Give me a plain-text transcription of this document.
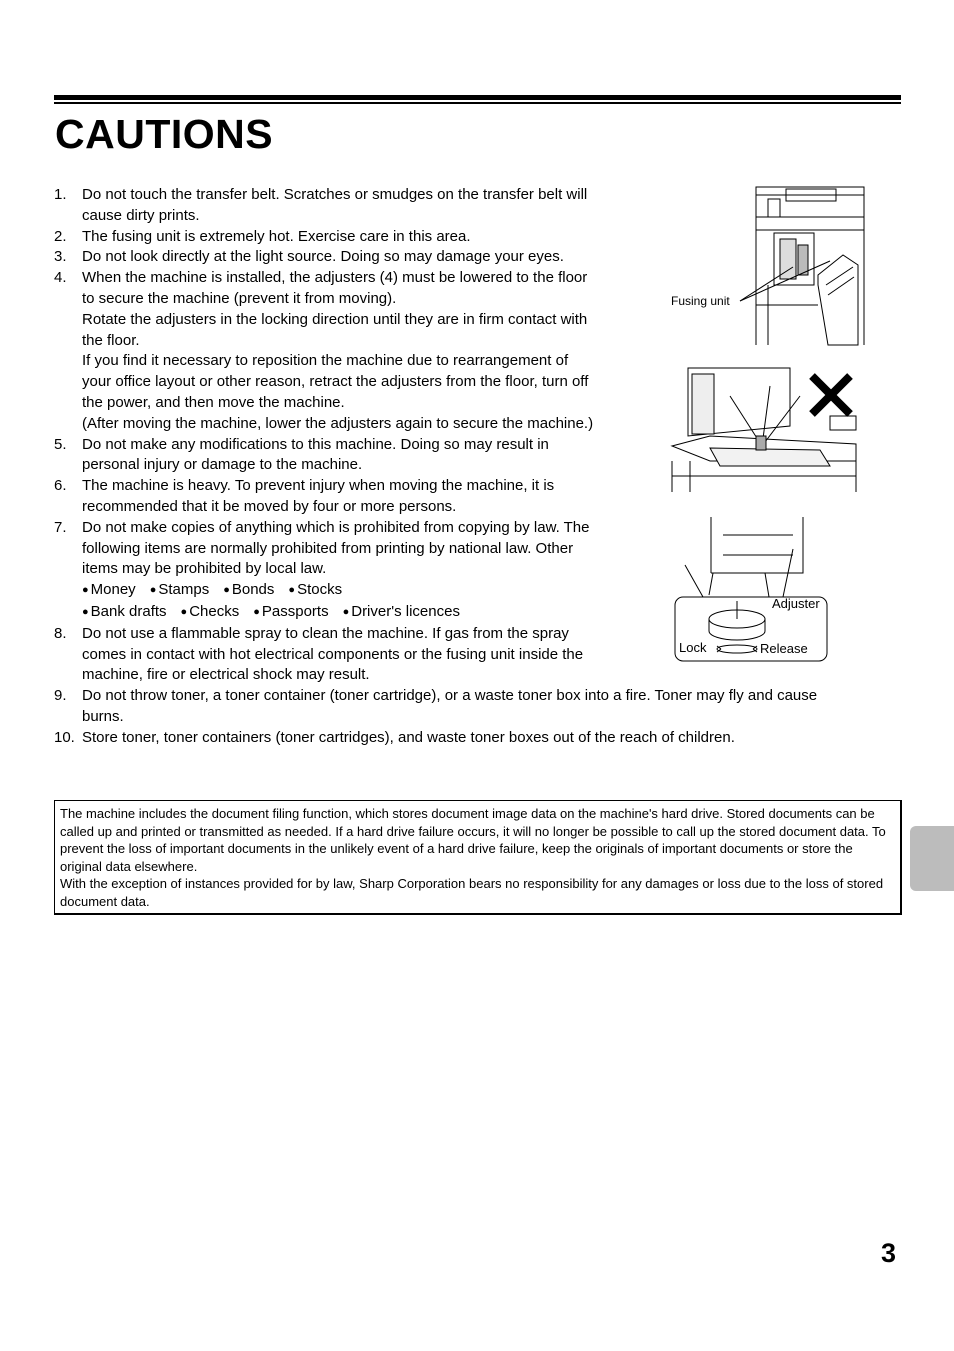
CAUTIONS
1. Do not touch the transfer belt. Scratches or smudges on the transfer belt will
cause dirty prints.
2. The fusing unit is extremely hot. Exercise care in this area.
3. Do not look directly at the light source. Doing so may damage your eyes.
4. When the machine is installed, the adjusters (4) must be lowered to the floor
to secure the machine (prevent it from moving).
Rotate the adjusters in the locking direction until they are in firm contact with
the floor.
If you find it necessary to reposition the machine due to rearrangement of
your office layout or other reason, retract the adjusters from the floor, turn off
the power, and then move the machine.
(After moving the machine, lower the adjusters again to secure the machine.)
5. Do not make any modifications to this machine. Doing so may result in
personal injury or damage to the machine.
6. The machine is heavy. To prevent injury when moving the machine, it is
recommended that it be moved by four or more persons.
7. Do not make copies of anything which is prohibited from copying by law. The
following items are normally prohibited from printing by national law. Other
items may be prohibited by local law.
● Money ● Stamps ● Bonds ● Stocks
● Bank drafts ● Checks ● Passports ● Driver's licences
8. Do not use a flammable spray to clean the machine. If gas from the spray
comes in contact with hot electrical components or the fusing unit inside the
machine, fire or electrical shock may result.
9. Do not throw toner, a toner container (toner cartridge), or a waste toner box into a fire. Toner may fly and cause
burns.
10. Store toner, toner containers (toner cartridges), and waste toner boxes out of the reach of children.
Fusing unit
Adjuster
Lock	Release
The machine includes the document filing function, which stores document image data on the machine's hard drive. Stored documents can be called up and printed or transmitted as needed. If a hard drive failure occurs, it will no longer be possible to call up the stored document data. To prevent the loss of important documents in the unlikely event of a hard drive failure, keep the originals of important documents or store the original data elsewhere.
With the exception of instances provided for by law, Sharp Corporation bears no responsibility for any damages or loss due to the loss of stored document data.
3
